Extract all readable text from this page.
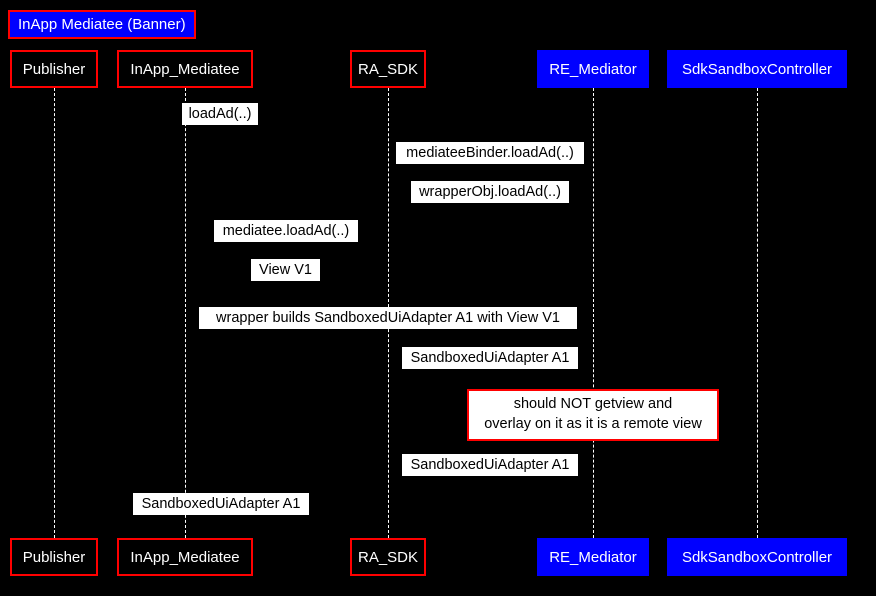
InApp Mediatee (Banner)
Publisher	InApp_Mediatee	RA_SDK	RE_Mediator	SdkSandboxController
Publisher	InApp_Mediatee	RA_SDK	RE_Mediator	SdkSandboxController
loadAd(..)
mediateeBinder.loadAd(..)
wrapperObj.loadAd(..)
mediatee.loadAd(..)
View V1
wrapper builds SandboxedUiAdapter A1 with View V1
SandboxedUiAdapter A1
SandboxedUiAdapter A1
SandboxedUiAdapter A1
should NOT getview and
overlay on it as it is a remote view
